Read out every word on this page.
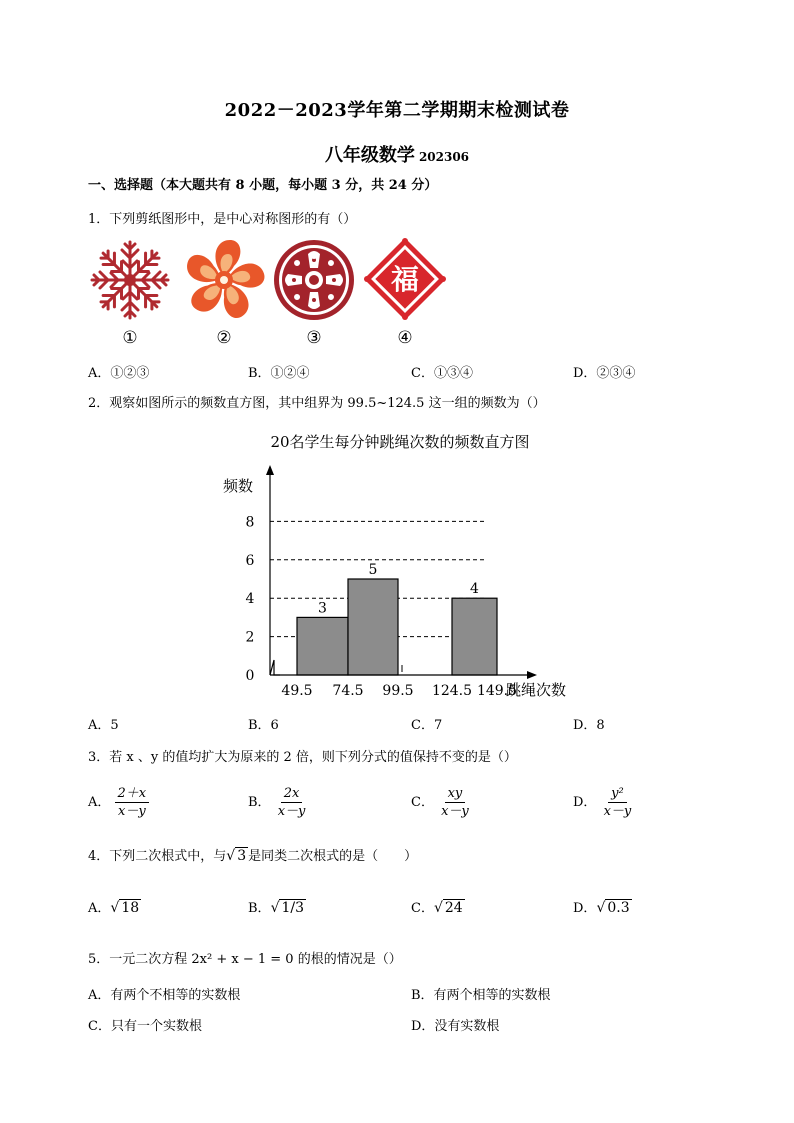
2022－2023学年第二学期期末检测试卷
八年级数学 202306
一、选择题（本大题共有 8 小题，每小题 3 分，共 24 分）
1．下列剪纸图形中，是中心对称图形的有（）
福
①	②	③	④
A．①②③	B．①②④	C．①③④	D．②③④
2．观察如图所示的频数直方图，其中组界为 99.5~124.5 这一组的频数为（）
20名学生每分钟跳绳次数的频数直方图
频数
3
5
4
0
2
4
6
8
49.5 74.5 99.5 124.5 149.5
跳绳次数
A．5	B．6	C．7	D．8
3．若 x 、y 的值均扩大为原来的 2 倍，则下列分式的值保持不变的是（）
A． $\frac{2+x}{x-y}$	B． $\frac{2x}{x-y}$	C． $\frac{xy}{x-y}$	D． $\frac{\text{y²}}{x-y}$
4．下列二次根式中，与√ 3 是同类二次根式的是（　　）
A．√ 18	B．√ 1/3	C．√ 24	D．√ 0.3
5．一元二次方程 2x² + x − 1 = 0 的根的情况是（）
A．有两个不相等的实数根	B．有两个相等的实数根
C．只有一个实数根	D．没有实数根
